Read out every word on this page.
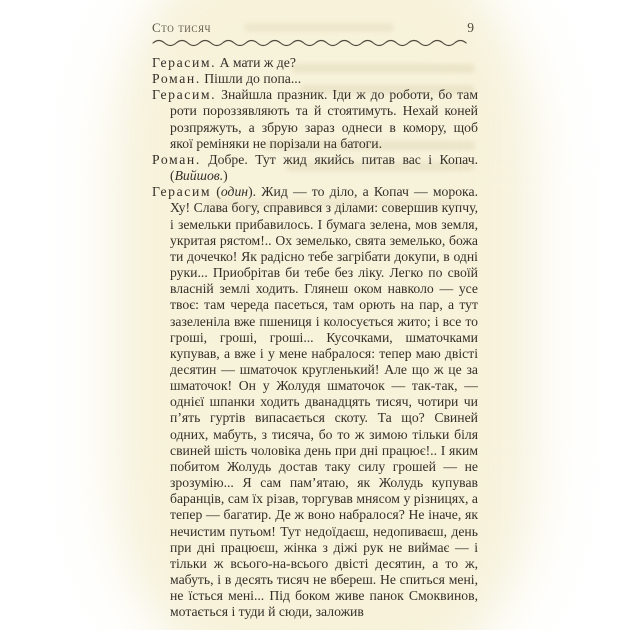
Сто тисяч	9

Герасим. А мати ж де?

Роман. Пішли до попа...

Герасим. Знайшла празник. Іди ж до роботи, бо там роти пороззявляють та й стоятимуть. Нехай коней розпряжуть, а збрую зараз однеси в комору, щоб якої реміняки не порізали на батоги.

Роман. Добре. Тут жид якийсь питав вас і Копач. (Вийшов.)

Герасим (один). Жид — то діло, а Копач — морока. Ху! Слава богу, справився з ділами: совершив купчу, і земельки прибавилось. І бумага зелена, мов земля, укритая рястом!.. Ох земелько, свята земелько, божа ти дочечко! Як радісно тебе загрібати докупи, в одні руки... Приобрітав би тебе без ліку. Легко по своїй власній землі ходить. Глянеш оком навколо — усе твоє: там череда пасеться, там орють на пар, а тут зазеленіла вже пшениця і колосується жито; і все то гроші, гроші, гроші... Кусочками, шматочками купував, а вже і у мене набралося: тепер маю двісті десятин — шматочок кругленький! Але що ж це за шматочок! Он у Жолудя шматочок — так-так, — однієї шпанки ходить дванадцять тисяч, чотири чи п’ять гуртів випасається скоту. Та що? Свиней одних, мабуть, з тисяча, бо то ж зимою тільки біля свиней шість чоловіка день при дні працює!.. І яким побитом Жолудь достав таку силу грошей — не зрозумію... Я сам пам’ятаю, як Жолудь купував баранців, сам їх різав, торгував мнясом у різницях, а тепер — багатир. Де ж воно набралося? Не іначе, як нечистим путьом! Тут недоїдаєш, недопиваєш, день при дні працюєш, жінка з діжі рук не виймає — і тільки ж всього-на-всього двісті десятин, а то ж, мабуть, і в десять тисяч не вбереш. Не спиться мені, не їсться мені... Під боком живе панок Смоквинов, мотається і туди й сюди, заложив
